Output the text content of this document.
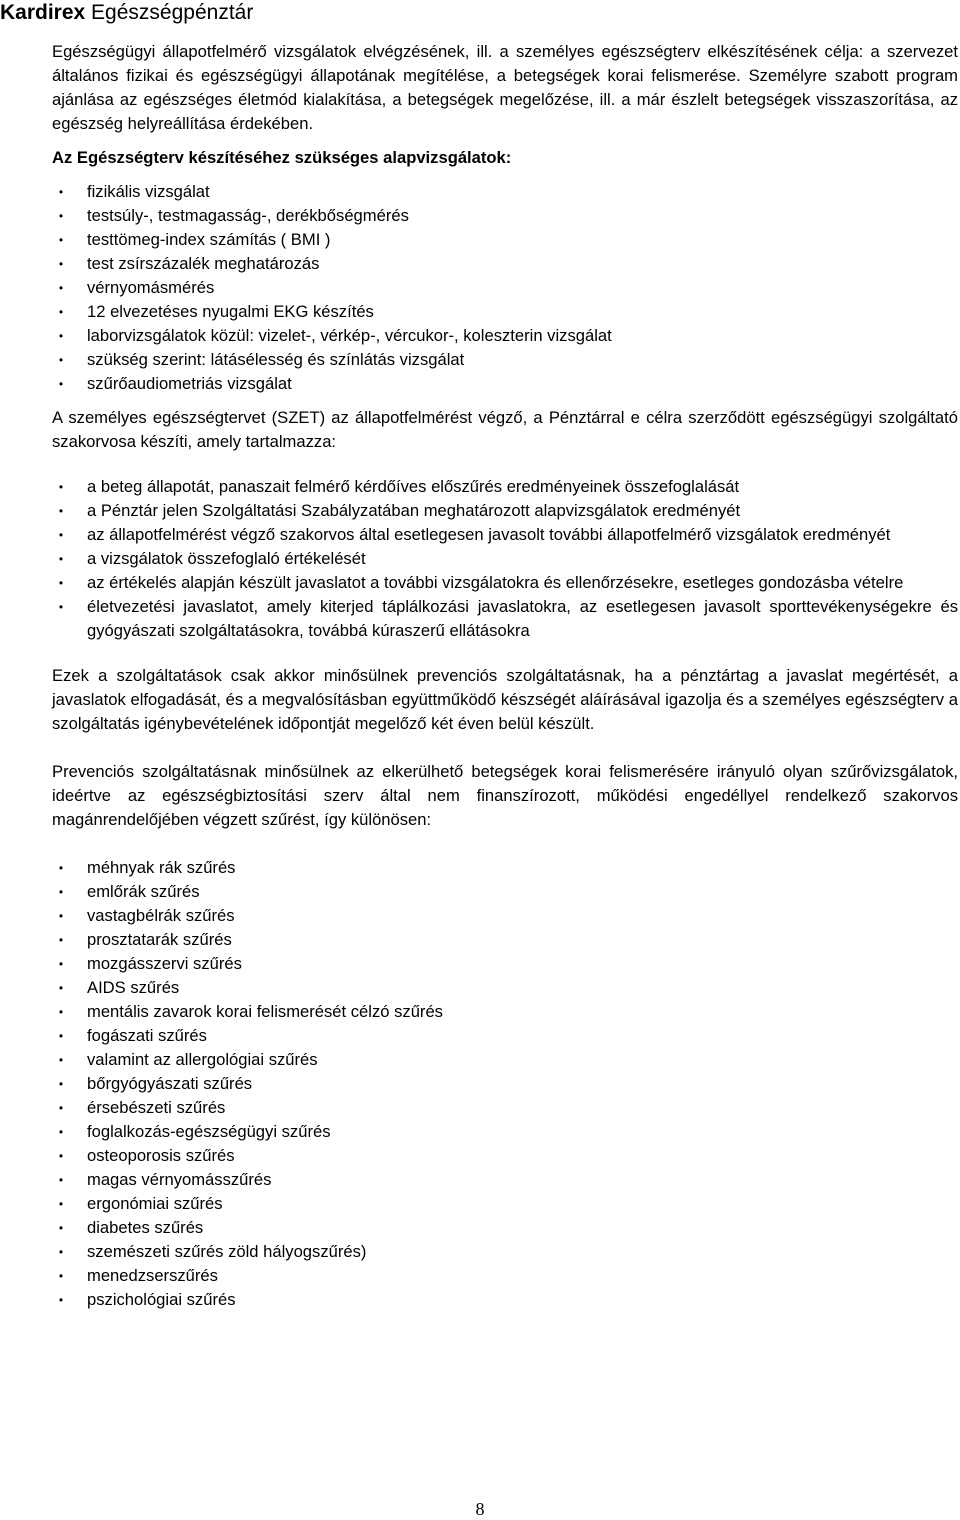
Kardirex Egészségpénztár

Egészségügyi állapotfelmérő vizsgálatok elvégzésének, ill. a személyes egészségterv elkészítésének célja: a szervezet általános fizikai és egészségügyi állapotának megítélése, a betegségek korai felismerése. Személyre szabott program ajánlása az egészséges életmód kialakítása, a betegségek megelőzése, ill. a már észlelt betegségek visszaszorítása, az egészség helyreállítása érdekében.

Az Egészségterv készítéséhez szükséges alapvizsgálatok:

• fizikális vizsgálat
• testsúly-, testmagasság-, derékbőségmérés
• testtömeg-index számítás ( BMI )
• test zsírszázalék meghatározás
• vérnyomásmérés
• 12 elvezetéses nyugalmi EKG készítés
• laborvizsgálatok közül: vizelet-, vérkép-, vércukor-, koleszterin vizsgálat
• szükség szerint: látásélesség és színlátás vizsgálat
• szűrőaudiometriás vizsgálat

A személyes egészségtervet (SZET) az állapotfelmérést végző, a Pénztárral e célra szerződött egészségügyi szolgáltató szakorvosa készíti, amely tartalmazza:

• a beteg állapotát, panaszait felmérő kérdőíves előszűrés eredményeinek összefoglalását
• a Pénztár jelen Szolgáltatási Szabályzatában meghatározott alapvizsgálatok eredményét
• az állapotfelmérést végző szakorvos által esetlegesen javasolt további állapotfelmérő vizsgálatok eredményét
• a vizsgálatok összefoglaló értékelését
• az értékelés alapján készült javaslatot a további vizsgálatokra és ellenőrzésekre, esetleges gondozásba vételre
• életvezetési javaslatot, amely kiterjed táplálkozási javaslatokra, az esetlegesen javasolt sporttevékenységekre és gyógyászati szolgáltatásokra, továbbá kúraszerű ellátásokra

Ezek a szolgáltatások csak akkor minősülnek prevenciós szolgáltatásnak, ha a pénztártag a javaslat megértését, a javaslatok elfogadását, és a megvalósításban együttműködő készségét aláírásával igazolja és a személyes egészségterv a szolgáltatás igénybevételének időpontját megelőző két éven belül készült.

Prevenciós szolgáltatásnak minősülnek az elkerülhető betegségek korai felismerésére irányuló olyan szűrővizsgálatok, ideértve az egészségbiztosítási szerv által nem finanszírozott, működési engedéllyel rendelkező szakorvos magánrendelőjében végzett szűrést, így különösen:

• méhnyak rák szűrés
• emlőrák szűrés
• vastagbélrák szűrés
• prosztatarák szűrés
• mozgásszervi szűrés
• AIDS szűrés
• mentális zavarok korai felismerését célzó szűrés
• fogászati szűrés
• valamint az allergológiai szűrés
• bőrgyógyászati szűrés
• érsebészeti szűrés
• foglalkozás-egészségügyi szűrés
• osteoporosis szűrés
• magas vérnyomásszűrés
• ergonómiai szűrés
• diabetes szűrés
• szemészeti szűrés zöld hályogszűrés)
• menedzserszűrés
• pszichológiai szűrés
8
